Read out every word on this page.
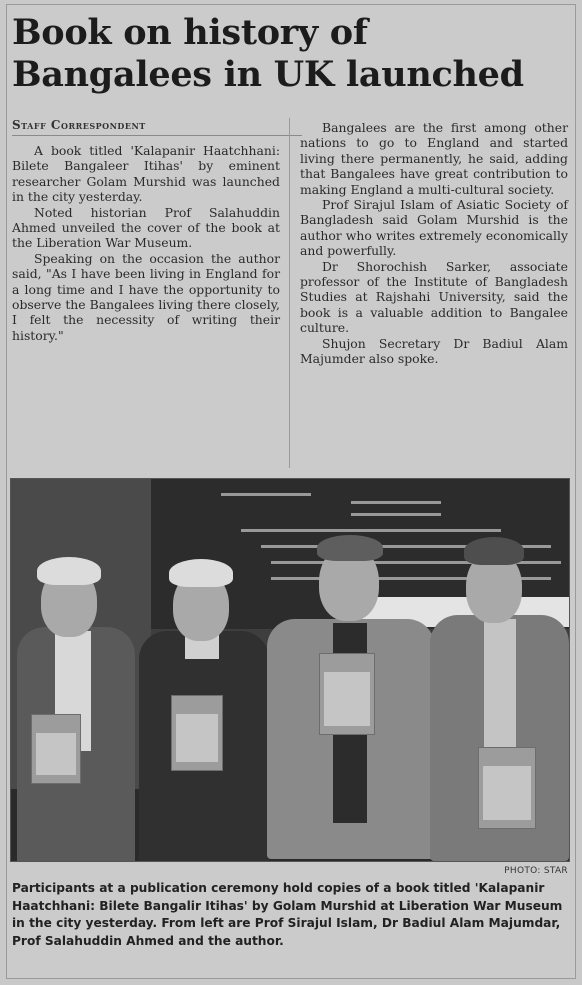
Book on history of Bangalees in UK launched
Staff Correspondent

A book titled 'Kalapanir Haatchhani: Bilete Bangaleer Itihas' by eminent researcher Golam Murshid was launched in the city yesterday.

Noted historian Prof Salahuddin Ahmed unveiled the cover of the book at the Liberation War Museum.

Speaking on the occasion the author said, "As I have been living in England for a long time and I have the opportunity to observe the Bangalees living there closely, I felt the necessity of writing their history."

Bangalees are the first among other nations to go to England and started living there permanently, he said, adding that Bangalees have great contribution to making England a multi-cultural society.

Prof Sirajul Islam of Asiatic Society of Bangladesh said Golam Murshid is the author who writes extremely economically and powerfully.

Dr Shorochish Sarker, associate professor of the Institute of Bangladesh Studies at Rajshahi University, said the book is a valuable addition to Bangalee culture.

Shujon Secretary Dr Badiul Alam Majumder also spoke.

PHOTO: STAR
Participants at a publication ceremony hold copies of a book titled 'Kalapanir Haatchhani: Bilete Bangalir Itihas' by Golam Murshid at Liberation War Museum in the city yesterday. From left are Prof Sirajul Islam, Dr Badiul Alam Majumdar, Prof Salahuddin Ahmed and the author.
